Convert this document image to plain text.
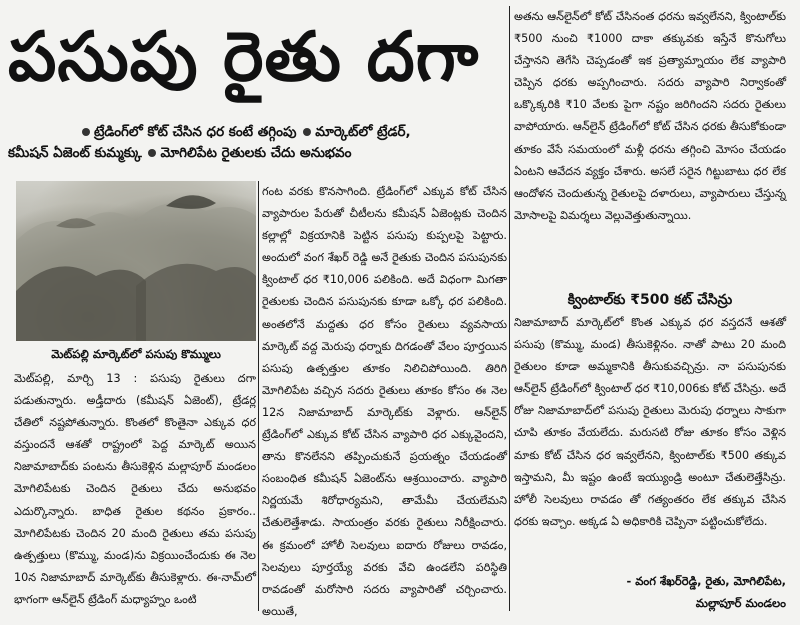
పసుపు రైతు దగా
ట్రేడింగ్‌లో కోట్ చేసిన ధర కంటే తగ్గింపు మార్కెట్‌లో ట్రేడర్,
కమీషన్ ఏజెంట్ కుమ్మక్కు మోగిలిపేట రైతులకు చేదు అనుభవం
మెట్‌పల్లి మార్కెట్‌లో పసుపు కొమ్ములు

మెట్‌పల్లి, మార్చి 13 : పసుపు రైతులు దగా పడుతున్నారు. అడ్తీదారు (కమీషన్ ఏజెంట్), ట్రేడర్ల చేతిలో నష్టపోతున్నారు. కొంతలో కొంతైనా ఎక్కువ ధర వస్తుందనే ఆశతో రాష్ట్రంలో పెద్ద మార్కెట్ అయిన నిజామాబాద్‌కు పంటను తీసుకెళ్లిన మల్లాపూర్ మండలం మోగిలిపేటకు చెందిన రైతులు చేదు అనుభవం ఎదుర్కొన్నారు. బాధిత రైతుల కథనం ప్రకారం.. మోగిలిపేటకు చెందిన 20 మంది రైతులు తమ పసుపు ఉత్పత్తులు (కొమ్ము, మండ)ను విక్రయించేందుకు ఈ నెల 10న నిజామాబాద్ మార్కెట్‌కు తీసుకెళ్లారు. ఈ-నామ్‌లో భాగంగా ఆన్‌లైన్ ట్రేడింగ్ మధ్యాహ్నం ఒంటి

గంట వరకు కొనసాగింది. ట్రేడింగ్‌లో ఎక్కువ కోట్ చేసిన వ్యాపారుల పేరుతో చీటీలను కమీషన్ ఏజెంట్లకు చెందిన కల్లాల్లో విక్రయానికి పెట్టిన పసుపు కుప్పలపై పెట్టారు. అందులో వంగ శేఖర్ రెడ్డి అనే రైతుకు చెందిన పసుపునకు క్వింటాల్ ధర ₹10,006 పలికింది. అదే విధంగా మిగతా రైతులకు చెందిన పసుపునకు కూడా ఒక్కో ధర పలికింది. అంతలోనే మద్దతు ధర కోసం రైతులు వ్యవసాయ మార్కెట్ వద్ద మెరుపు ధర్నాకు దిగడంతో వేలం పూర్తయిన పసుపు ఉత్పత్తుల తూకం నిలిచిపోయింది. తిరిగి మోగిలిపేట వచ్చిన సదరు రైతులు తూకం కోసం ఈ నెల 12న నిజామాబాద్ మార్కెట్‌కు వెళ్లారు. ఆన్‌లైన్ ట్రేడింగ్‌లో ఎక్కువ కోట్ చేసిన వ్యాపారి ధర ఎక్కువైందని, తాను కొనలేనని తప్పించుకునే ప్రయత్నం చేయడంతో సంబంధిత కమీషన్ ఏజెంట్‌ను ఆశ్రయించారు. వ్యాపారి నిర్ణయమే శిరోధార్యమని, తామేమీ చేయలేమని చేతులెత్తేశాడు. సాయంత్రం వరకు రైతులు నిరీక్షించారు. ఈ క్రమంలో హోలీ సెలవులు ఐదారు రోజులు రావడం, సెలవులు పూర్తయ్యే వరకు వేచి ఉండలేని పరిస్థితి రావడంతో మరోసారి సదరు వ్యాపారితో చర్చించారు. అయితే,

అతను ఆన్‌లైన్‌లో కోట్ చేసినంత ధరను ఇవ్వలేనని, క్వింటాల్‌కు ₹500 నుంచి ₹1000 దాకా తక్కువకు ఇస్తేనే కొనుగోలు చేస్తానని తెగేసి చెప్పడంతో ఇక ప్రత్యామ్నాయం లేక వ్యాపారి చెప్పిన ధరకు అప్పగించారు. సదరు వ్యాపారి నిర్వాకంతో ఒక్కొక్కరికి ₹10 వేలకు పైగా నష్టం జరిగిందని సదరు రైతులు వాపోయారు. ఆన్‌లైన్ ట్రేడింగ్‌లో కోట్ చేసిన ధరకు తీసుకోకుండా తూకం వేసే సమయంలో మళ్లీ ధరను తగ్గించి మోసం చేయడం ఏంటని ఆవేదన వ్యక్తం చేశారు. అసలే సరైన గిట్టుబాటు ధర లేక ఆందోళన చెందుతున్న రైతులపై దళారులు, వ్యాపారులు చేస్తున్న మోసాలపై విమర్శలు వెల్లువెత్తుతున్నాయి.

క్వింటాల్‌కు ₹500 కట్ చేసిన్రు

నిజామాబాద్ మార్కెట్‌లో కొంత ఎక్కువ ధర వస్తదనే ఆశతో పసుపు (కొమ్ము, మండ) తీసుకెళ్లినం. నాతో పాటు 20 మంది రైతులం కూడా అమ్మకానికి తీసుకువచ్చిన్రు. నా పసుపునకు ఆన్‌లైన్ ట్రేడింగ్‌లో క్వింటాల్ ధర ₹10,006కు కోట్ చేసిన్రు. అదే రోజు నిజామాబాద్‌లో పసుపు రైతులు మెరుపు ధర్నాలు సాకుగా చూపి తూకం వేయలేదు. మరుసటి రోజు తూకం కోసం వెళ్లిన మాకు కోట్ చేసిన ధర ఇవ్వలేనని, క్వింటాల్‌కు ₹500 తక్కువ ఇస్తామని, మీ ఇష్టం ఉంటే ఇయ్యుండ్రి అంటూ చేతులెత్తేసిన్రు. హోలీ సెలవులు రావడం తో గత్యంతరం లేక తక్కువ చేసిన ధరకు ఇచ్చాం. అక్కడ ఏ అధికారికి చెప్పినా పట్టించుకోలేదు.

- వంగ శేఖర్‌రెడ్డి, రైతు, మోగిలిపేట,
మల్లాపూర్ మండలం
